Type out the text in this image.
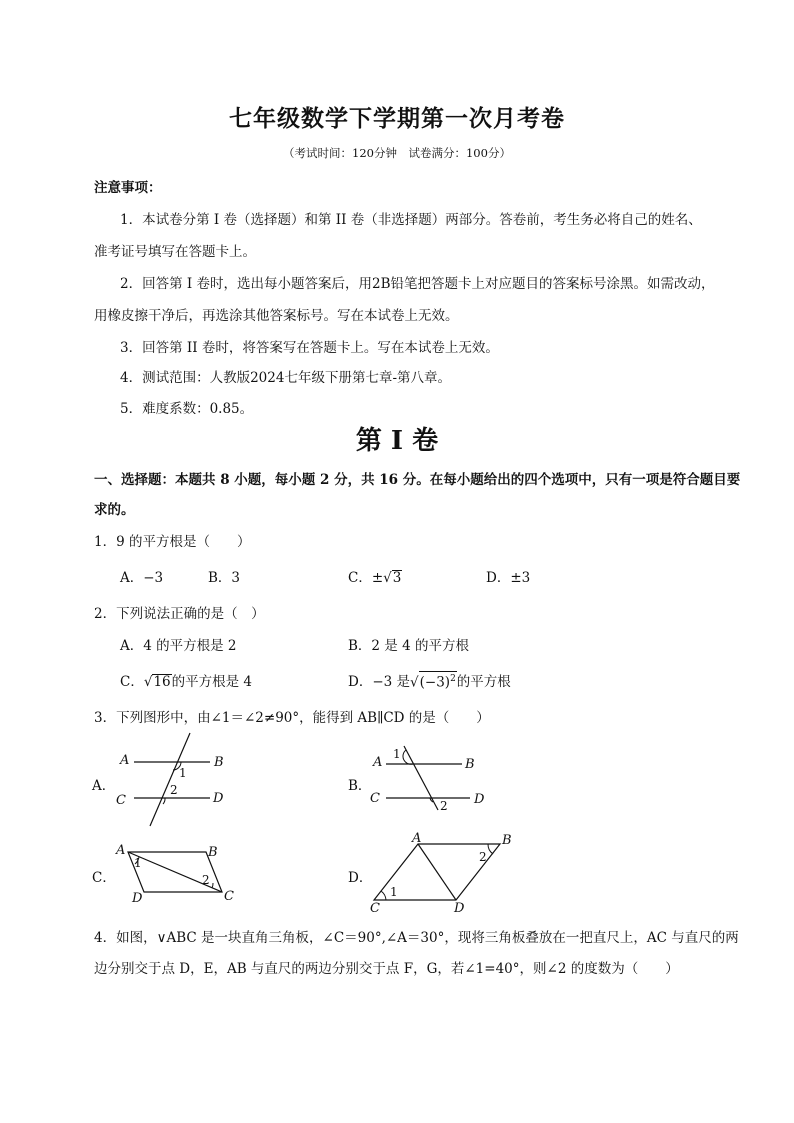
七年级数学下学期第一次月考卷
（考试时间：120分钟　试卷满分：100分）
注意事项：
1．本试卷分第 I 卷（选择题）和第 II 卷（非选择题）两部分。答卷前，考生务必将自己的姓名、
准考证号填写在答题卡上。
2．回答第 I 卷时，选出每小题答案后，用2B铅笔把答题卡上对应题目的答案标号涂黑。如需改动，
用橡皮擦干净后，再选涂其他答案标号。写在本试卷上无效。
3．回答第 II 卷时，将答案写在答题卡上。写在本试卷上无效。
4．测试范围：人教版2024七年级下册第七章-第八章。
5．难度系数：0.85。
第 I 卷
一、选择题：本题共 8 小题，每小题 2 分，共 16 分。在每小题给出的四个选项中，只有一项是符合题目要
求的。
1．9 的平方根是（　　）
A．−3	B．3	C．±√3	D．±3
2．下列说法正确的是（　）
A．4 的平方根是 2	B．2 是 4 的平方根
C．√16的平方根是 4	D．−3 是$√(-3)^2$的平方根
3．下列图形中，由∠1＝∠2≠90°，能得到 AB∥CD 的是（　　）
A．	B．
C．	D．
A	B
C	D
1
2
A	B
C	D
1
2
A	B
C
D
1
2
A	B
C	D
1
2
4．如图，∨ABC 是一块直角三角板，∠C＝90°,∠A＝30°，现将三角板叠放在一把直尺上，AC 与直尺的两
边分别交于点 D，E，AB 与直尺的两边分别交于点 F，G，若∠1=40°，则∠2 的度数为（　　）
